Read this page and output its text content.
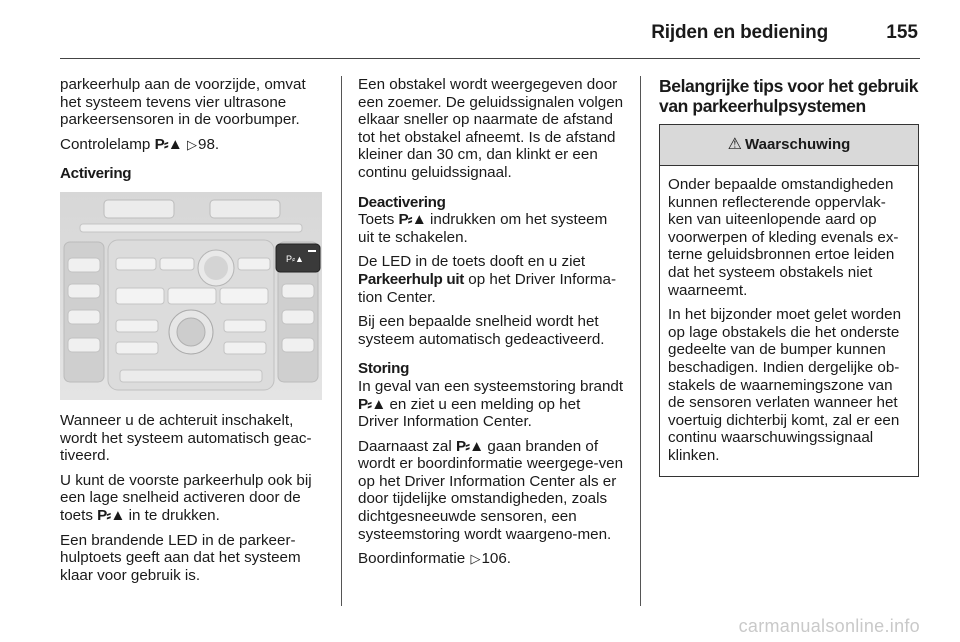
Rijden en bediening	155

parkeerhulp aan de voorzijde, omvat het systeem tevens vier ultrasone parkeersensoren in de voorbumper.

Controlelamp P⸗▲ ▷98.

Activering

P⸗▲

Wanneer u de achteruit inschakelt, wordt het systeem automatisch geac-tiveerd.

U kunt de voorste parkeerhulp ook bij een lage snelheid activeren door de toets P⸗▲ in te drukken.

Een brandende LED in de parkeer-hulptoets geeft aan dat het systeem klaar voor gebruik is.

Een obstakel wordt weergegeven door een zoemer. De geluidssignalen volgen elkaar sneller op naarmate de afstand tot het obstakel afneemt. Is de afstand kleiner dan 30 cm, dan klinkt er een continu geluidssignaal.

Deactivering

Toets P⸗▲ indrukken om het systeem uit te schakelen.

De LED in de toets dooft en u ziet Parkeerhulp uit op het Driver Informa-tion Center.

Bij een bepaalde snelheid wordt het systeem automatisch gedeactiveerd.

Storing

In geval van een systeemstoring brandt P⸗▲ en ziet u een melding op het Driver Information Center.

Daarnaast zal P⸗▲ gaan branden of wordt er boordinformatie weergege-ven op het Driver Information Center als er door tijdelijke omstandigheden, zoals dichtgesneeuwde sensoren, een systeemstoring wordt waargeno-men.

Boordinformatie ▷106.

Belangrijke tips voor het gebruik van parkeerhulpsystemen
⚠ Waarschuwing

Onder bepaalde omstandigheden kunnen reflecterende oppervlak-ken van uiteenlopende aard op voorwerpen of kleding evenals ex-terne geluidsbronnen ertoe leiden dat het systeem obstakels niet waarneemt.

In het bijzonder moet gelet worden op lage obstakels die het onderste gedeelte van de bumper kunnen beschadigen. Indien dergelijke ob-stakels de waarnemingszone van de sensoren verlaten wanneer het voertuig dichterbij komt, zal er een continu waarschuwingssignaal klinken.

carmanualsonline.info
